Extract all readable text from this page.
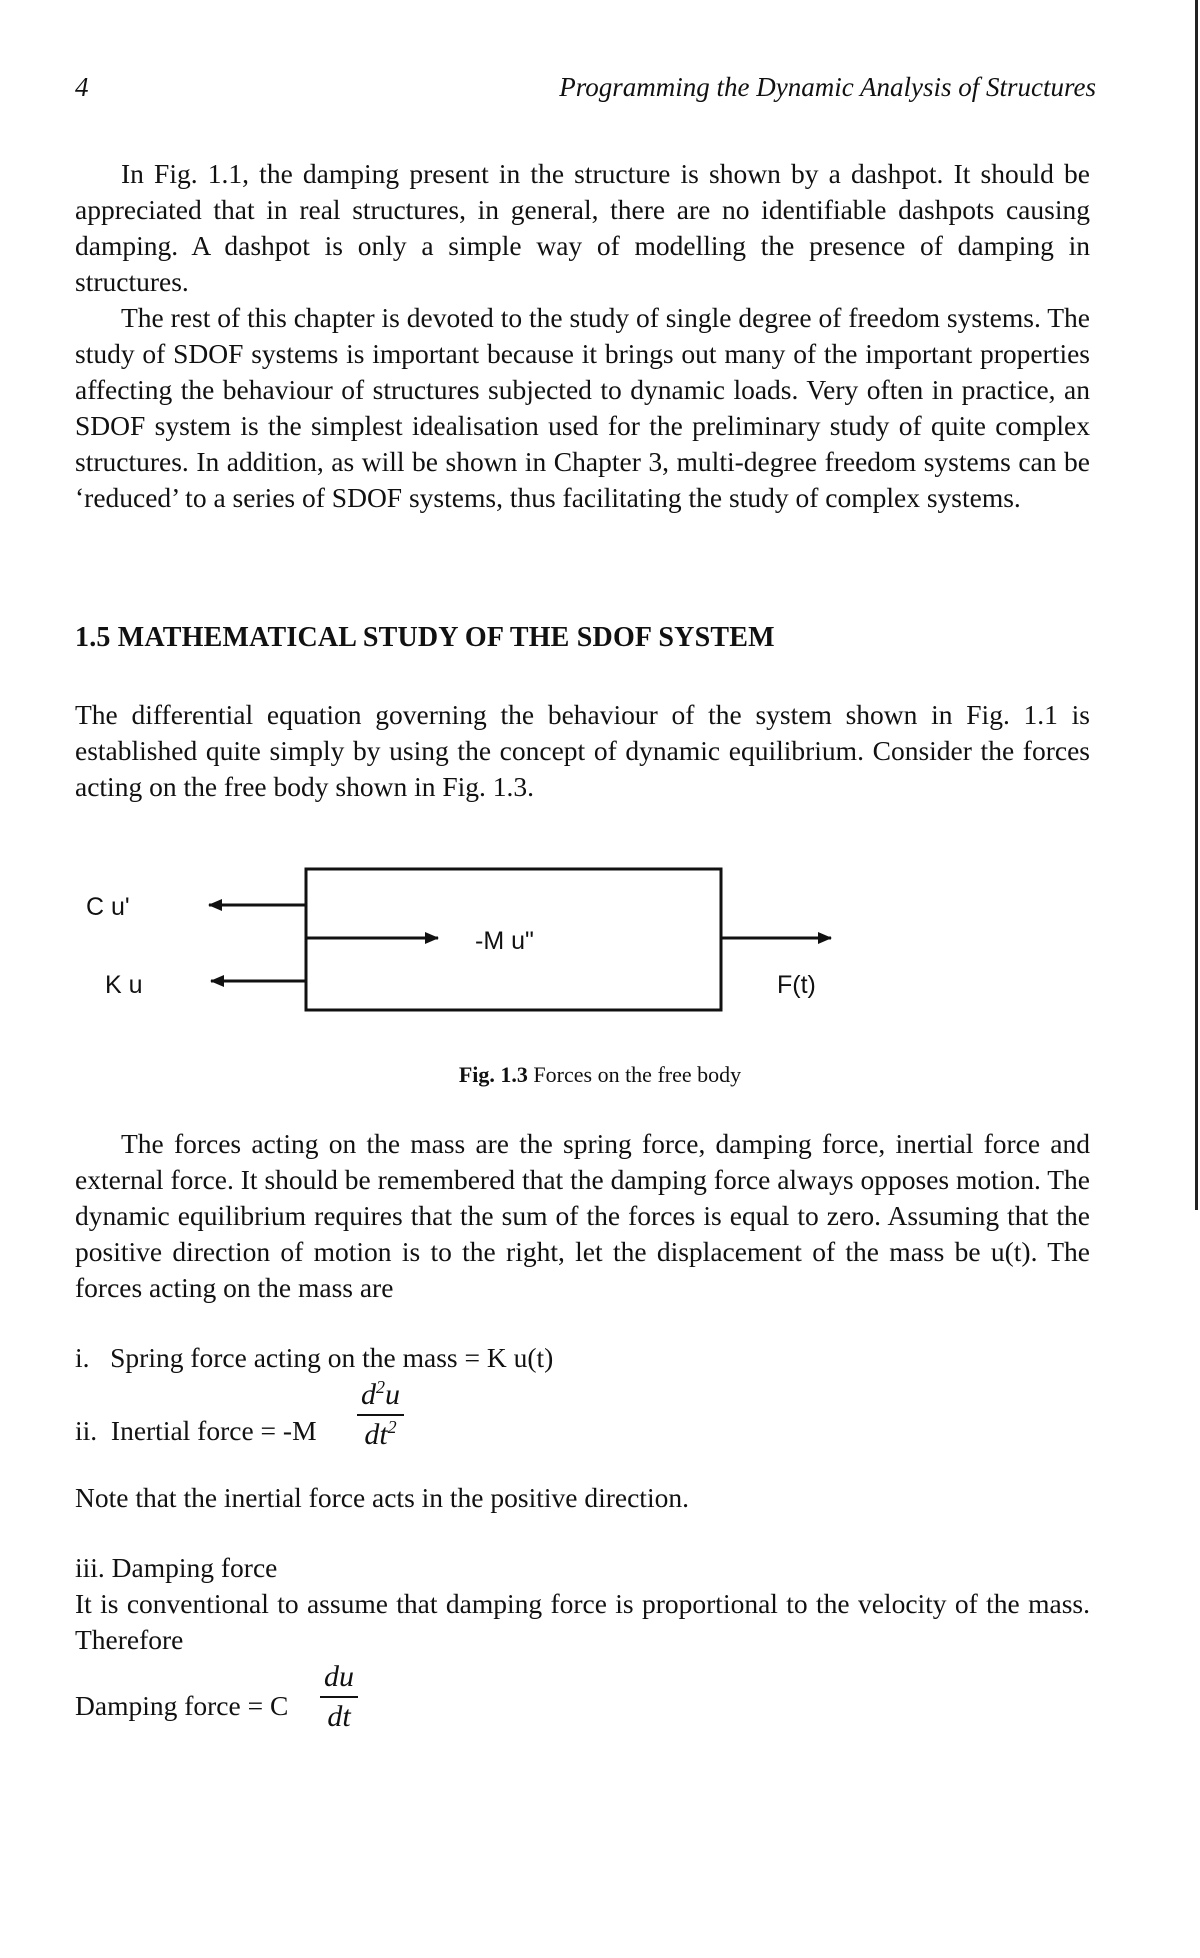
4	Programming the Dynamic Analysis of Structures

In Fig. 1.1, the damping present in the structure is shown by a dashpot. It should be appreciated that in real structures, in general, there are no identifiable dashpots causing damping. A dashpot is only a simple way of modelling the presence of damping in structures.

The rest of this chapter is devoted to the study of single degree of freedom systems. The study of SDOF systems is important because it brings out many of the important properties affecting the behaviour of structures subjected to dynamic loads. Very often in practice, an SDOF system is the simplest idealisation used for the preliminary study of quite complex structures. In addition, as will be shown in Chapter 3, multi-degree freedom systems can be ‘reduced’ to a series of SDOF systems, thus facilitating the study of complex systems.

1.5 MATHEMATICAL STUDY OF THE SDOF SYSTEM

The differential equation governing the behaviour of the system shown in Fig. 1.1 is established quite simply by using the concept of dynamic equilibrium. Consider the forces acting on the free body shown in Fig. 1.3.

C u'
K u
-M u"
F(t)
Fig. 1.3 Forces on the free body

The forces acting on the mass are the spring force, damping force, inertial force and external force. It should be remembered that the damping force always opposes motion. The dynamic equilibrium requires that the sum of the forces is equal to zero. Assuming that the positive direction of motion is to the right, let the displacement of the mass be u(t). The forces acting on the mass are

i.   Spring force acting on the mass = K u(t)

ii.  Inertial force = $-M \frac{d^2u}{dt^2}$

Note that the inertial force acts in the positive direction.

iii. Damping force

It is conventional to assume that damping force is proportional to the velocity of the mass. Therefore

Damping force = C $\frac{du}{dt}$
